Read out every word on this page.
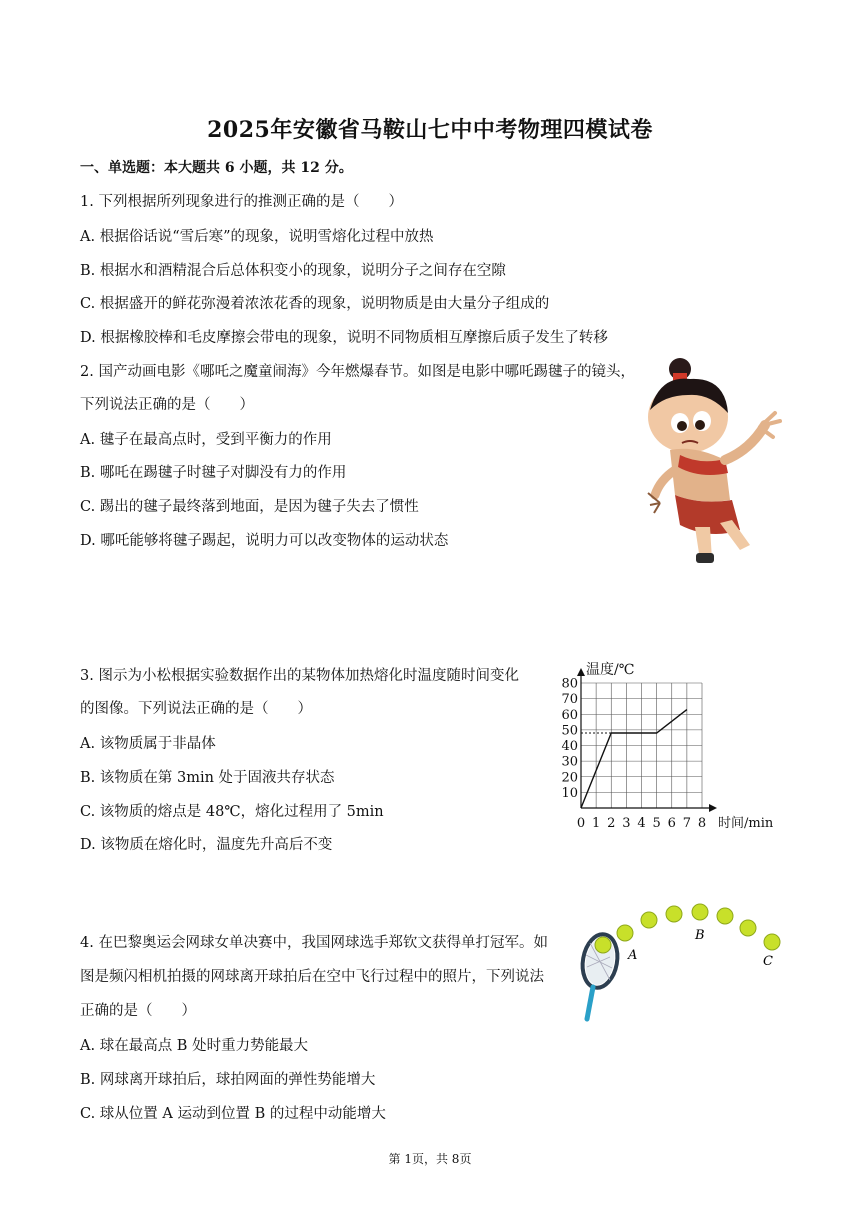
2025年安徽省马鞍山七中中考物理四模试卷
一、单选题：本大题共 6 小题，共 12 分。
1. 下列根据所列现象进行的推测正确的是（　　）
A. 根据俗话说“雪后寒”的现象，说明雪熔化过程中放热
B. 根据水和酒精混合后总体积变小的现象，说明分子之间存在空隙
C. 根据盛开的鲜花弥漫着浓浓花香的现象，说明物质是由大量分子组成的
D. 根据橡胶棒和毛皮摩擦会带电的现象，说明不同物质相互摩擦后质子发生了转移
2. 国产动画电影《哪吒之魔童闹海》今年燃爆春节。如图是电影中哪吒踢毽子的镜头，
下列说法正确的是（　　）
A. 毽子在最高点时，受到平衡力的作用
B. 哪吒在踢毽子时毽子对脚没有力的作用
C. 踢出的毽子最终落到地面，是因为毽子失去了惯性
D. 哪吒能够将毽子踢起，说明力可以改变物体的运动状态
3. 图示为小松根据实验数据作出的某物体加热熔化时温度随时间变化
的图像。下列说法正确的是（　　）
A. 该物质属于非晶体
B. 该物质在第 3min 处于固液共存状态
C. 该物质的熔点是 48℃，熔化过程用了 5min
D. 该物质在熔化时，温度先升高后不变
10
20
30
40
50
60
70
80
0 1 2 3 4 5 6 7 8
温度/℃
时间/min
4. 在巴黎奥运会网球女单决赛中，我国网球选手郑钦文获得单打冠军。如
图是频闪相机拍摄的网球离开球拍后在空中飞行过程中的照片，下列说法
正确的是（　　）
A. 球在最高点 B 处时重力势能最大
B. 网球离开球拍后，球拍网面的弹性势能增大
C. 球从位置 A 运动到位置 B 的过程中动能增大
A
B
C
第 1页，共 8页
